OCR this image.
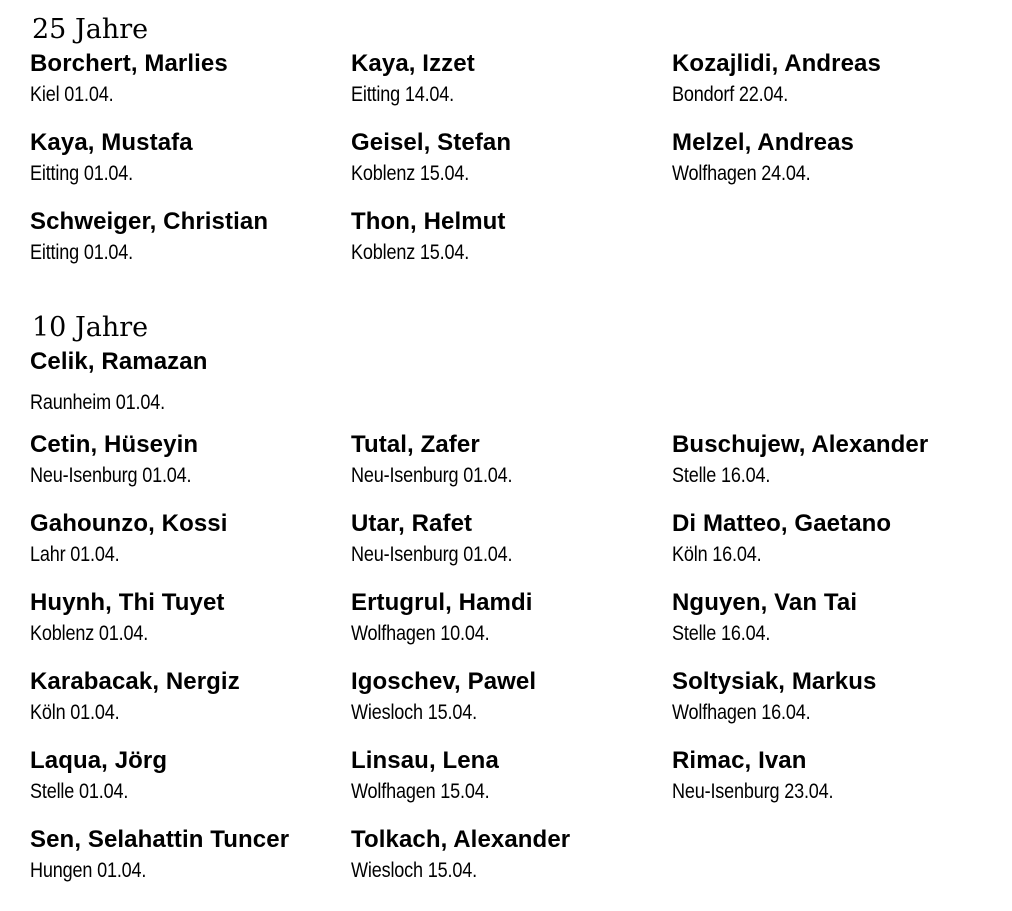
25 Jahre
Borchert, Marlies
Kiel 01.04.
Kaya, Mustafa
Eitting 01.04.
Schweiger, Christian
Eitting 01.04.
Kaya, Izzet
Eitting 14.04.
Geisel, Stefan
Koblenz 15.04.
Thon, Helmut
Koblenz 15.04.
Kozajlidi, Andreas
Bondorf 22.04.
Melzel, Andreas
Wolfhagen 24.04.
10 Jahre
Celik, Ramazan
Raunheim 01.04.
Cetin, Hüseyin
Neu-Isenburg 01.04.
Gahounzo, Kossi
Lahr 01.04.
Huynh, Thi Tuyet
Koblenz 01.04.
Karabacak, Nergiz
Köln 01.04.
Laqua, Jörg
Stelle 01.04.
Sen, Selahattin Tuncer
Hungen 01.04.
Tutal, Zafer
Neu-Isenburg 01.04.
Utar, Rafet
Neu-Isenburg 01.04.
Ertugrul, Hamdi
Wolfhagen 10.04.
Igoschev, Pawel
Wiesloch 15.04.
Linsau, Lena
Wolfhagen 15.04.
Tolkach, Alexander
Wiesloch 15.04.
Buschujew, Alexander
Stelle 16.04.
Di Matteo, Gaetano
Köln 16.04.
Nguyen, Van Tai
Stelle 16.04.
Soltysiak, Markus
Wolfhagen 16.04.
Rimac, Ivan
Neu-Isenburg 23.04.
